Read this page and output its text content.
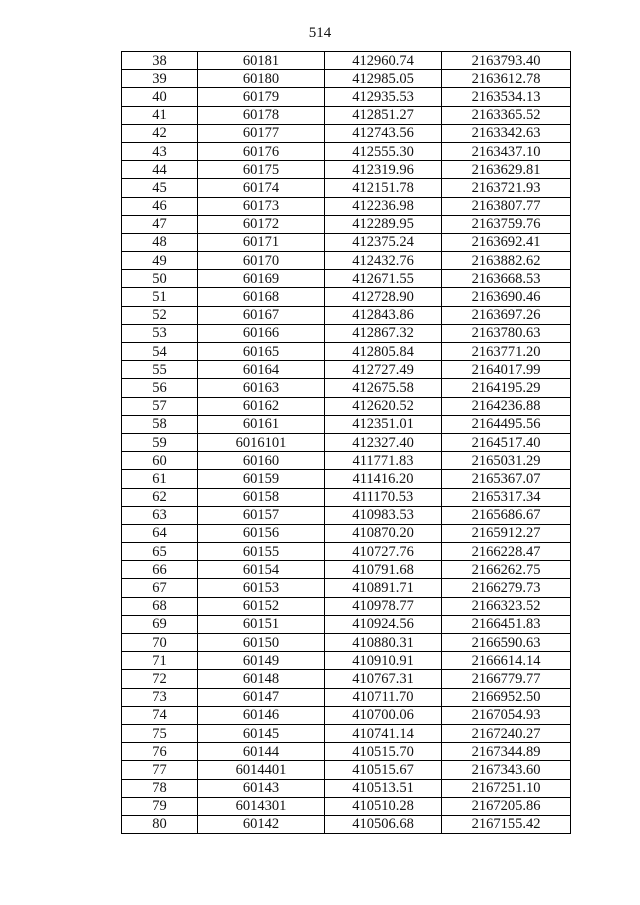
514
38	60181	412960.74	2163793.40
39	60180	412985.05	2163612.78
40	60179	412935.53	2163534.13
41	60178	412851.27	2163365.52
42	60177	412743.56	2163342.63
43	60176	412555.30	2163437.10
44	60175	412319.96	2163629.81
45	60174	412151.78	2163721.93
46	60173	412236.98	2163807.77
47	60172	412289.95	2163759.76
48	60171	412375.24	2163692.41
49	60170	412432.76	2163882.62
50	60169	412671.55	2163668.53
51	60168	412728.90	2163690.46
52	60167	412843.86	2163697.26
53	60166	412867.32	2163780.63
54	60165	412805.84	2163771.20
55	60164	412727.49	2164017.99
56	60163	412675.58	2164195.29
57	60162	412620.52	2164236.88
58	60161	412351.01	2164495.56
59	6016101	412327.40	2164517.40
60	60160	411771.83	2165031.29
61	60159	411416.20	2165367.07
62	60158	411170.53	2165317.34
63	60157	410983.53	2165686.67
64	60156	410870.20	2165912.27
65	60155	410727.76	2166228.47
66	60154	410791.68	2166262.75
67	60153	410891.71	2166279.73
68	60152	410978.77	2166323.52
69	60151	410924.56	2166451.83
70	60150	410880.31	2166590.63
71	60149	410910.91	2166614.14
72	60148	410767.31	2166779.77
73	60147	410711.70	2166952.50
74	60146	410700.06	2167054.93
75	60145	410741.14	2167240.27
76	60144	410515.70	2167344.89
77	6014401	410515.67	2167343.60
78	60143	410513.51	2167251.10
79	6014301	410510.28	2167205.86
80	60142	410506.68	2167155.42
